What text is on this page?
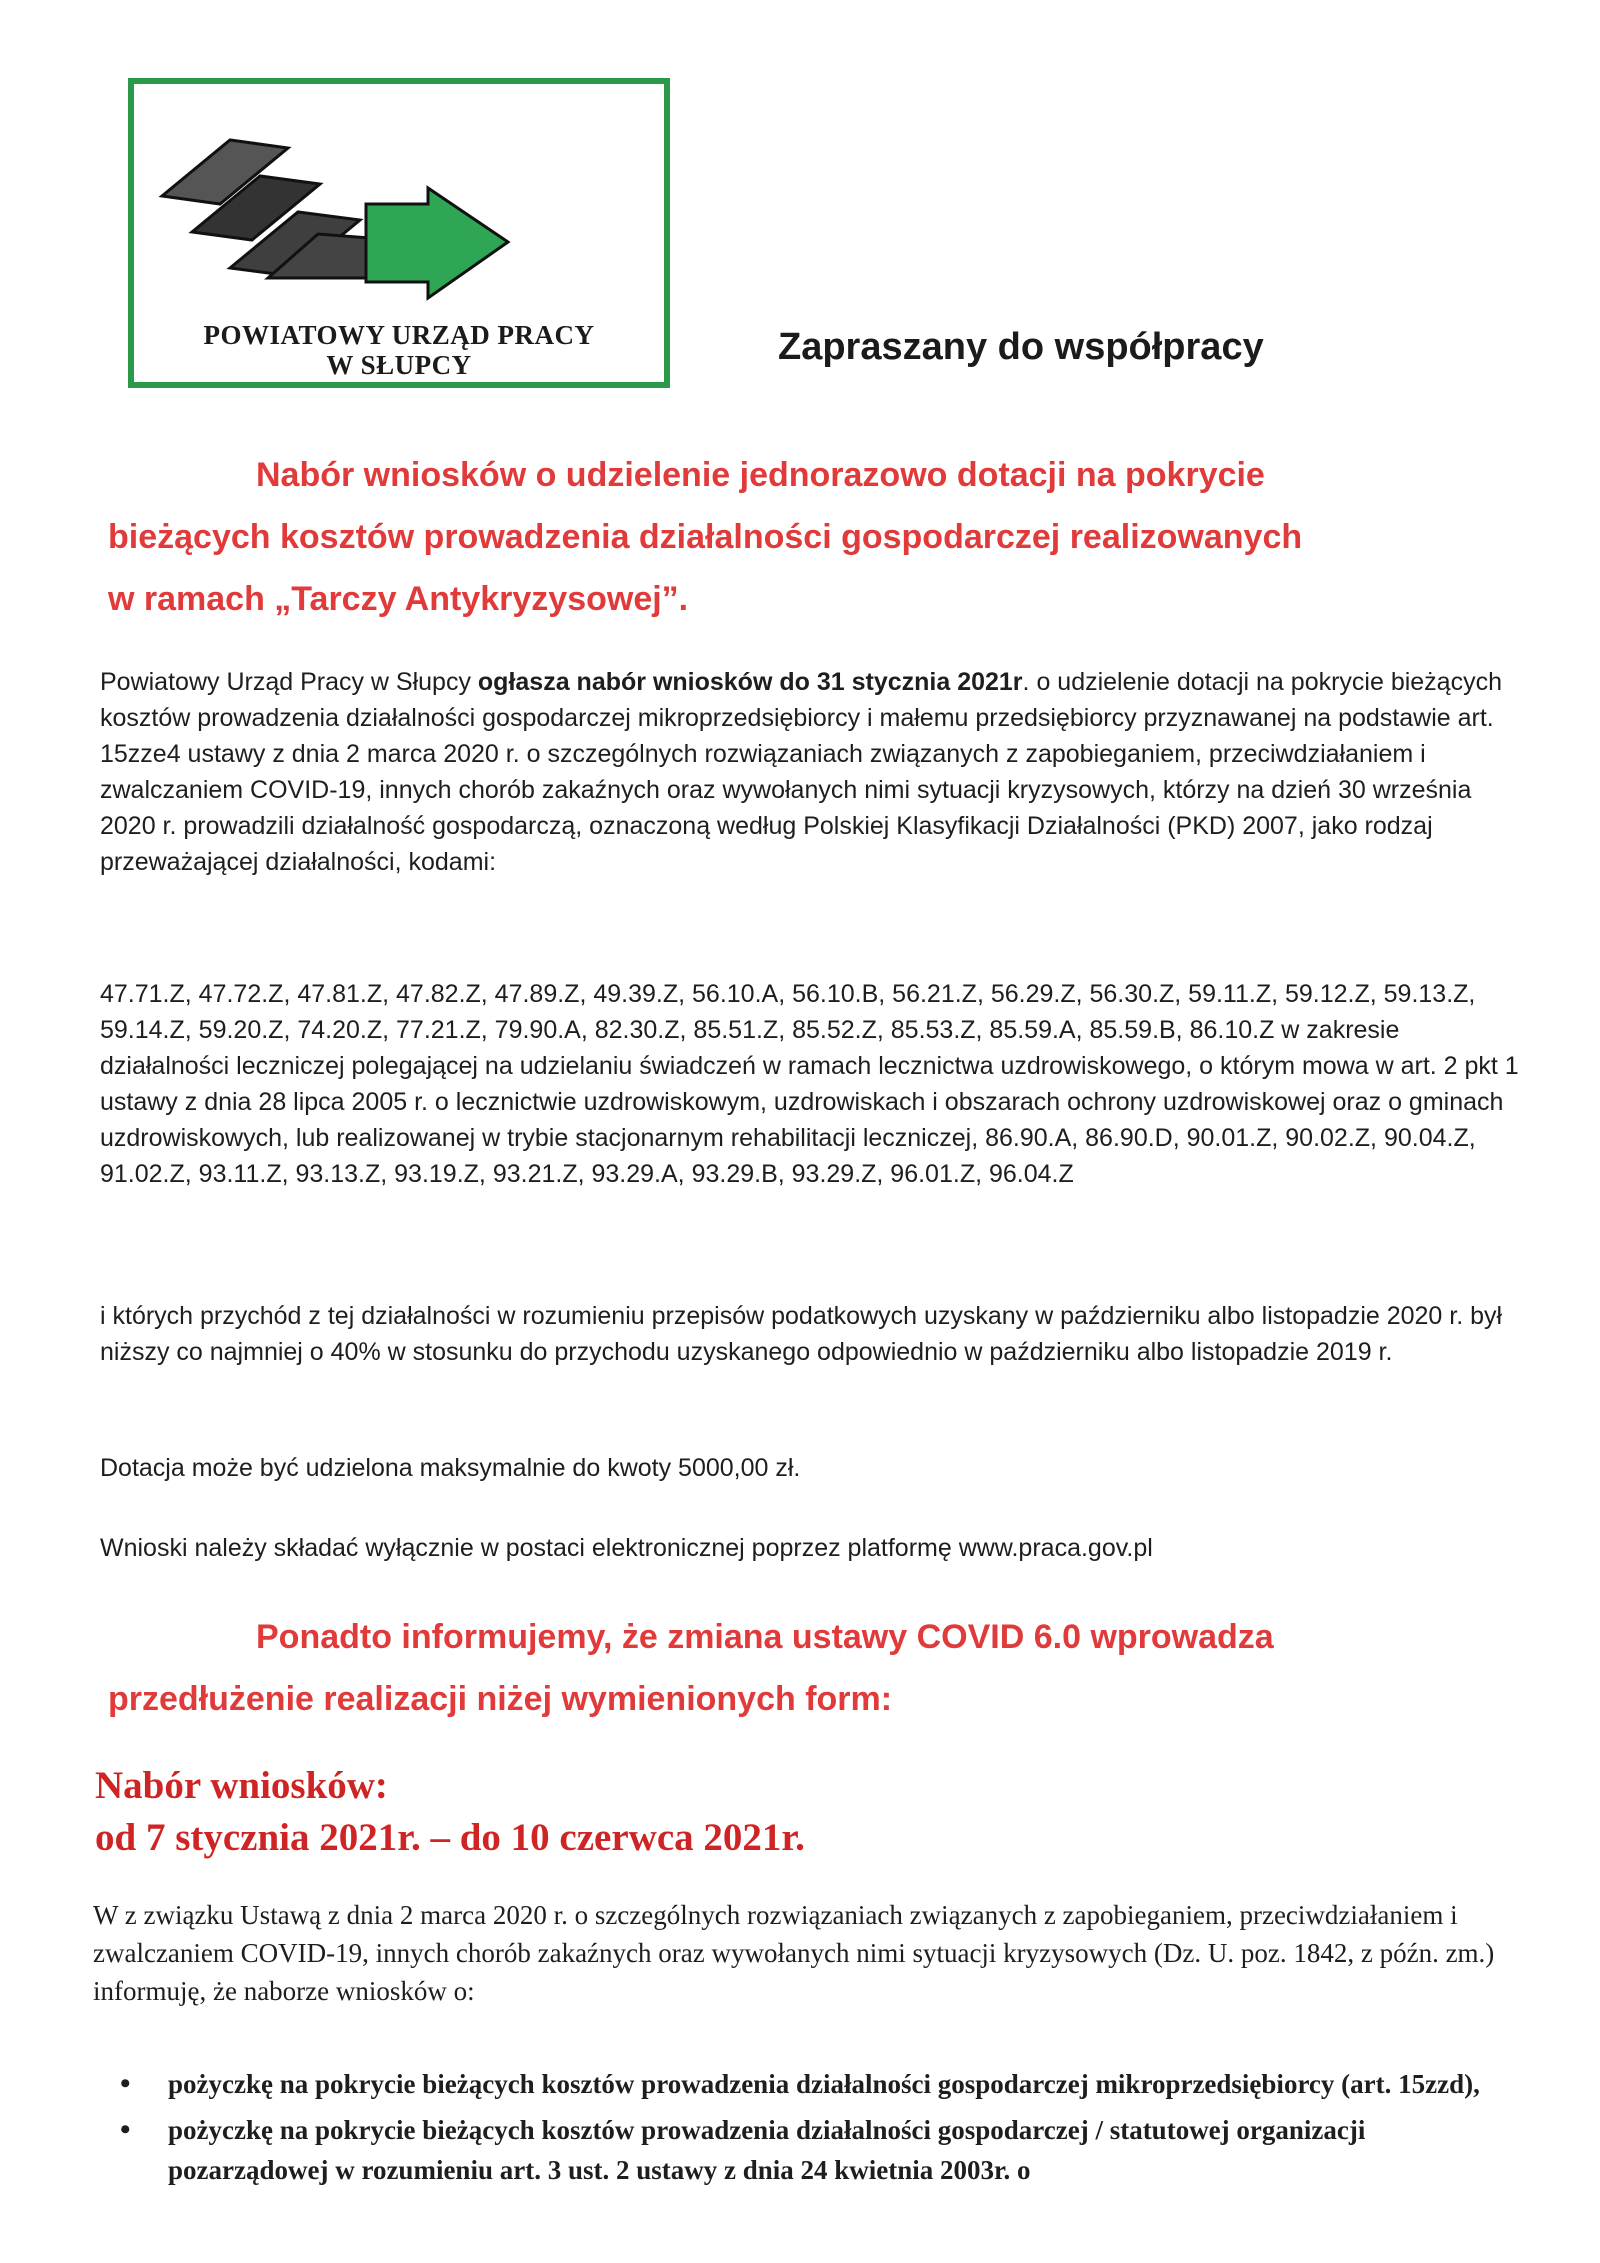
POWIATOWY URZĄD PRACY
W SŁUPCY	Zapraszany do współpracy
Nabór wniosków o udzielenie jednorazowo dotacji na pokrycie
bieżących kosztów prowadzenia działalności gospodarczej realizowanych
w ramach „Tarczy Antykryzysowej”.
Powiatowy Urząd Pracy w Słupcy ogłasza nabór wniosków do 31 stycznia 2021r. o udzielenie dotacji na pokrycie bieżących kosztów prowadzenia działalności gospodarczej mikroprzedsiębiorcy i małemu przedsiębiorcy przyznawanej na podstawie art. 15zze4 ustawy z dnia 2 marca 2020 r. o szczególnych rozwiązaniach związanych z zapobieganiem, przeciwdziałaniem i zwalczaniem COVID-19, innych chorób zakaźnych oraz wywołanych nimi sytuacji kryzysowych, którzy na dzień 30 września 2020 r. prowadzili działalność gospodarczą, oznaczoną według Polskiej Klasyfikacji Działalności (PKD) 2007, jako rodzaj przeważającej działalności, kodami:
47.71.Z, 47.72.Z, 47.81.Z, 47.82.Z, 47.89.Z, 49.39.Z, 56.10.A, 56.10.B, 56.21.Z, 56.29.Z, 56.30.Z, 59.11.Z, 59.12.Z, 59.13.Z, 59.14.Z, 59.20.Z, 74.20.Z, 77.21.Z, 79.90.A, 82.30.Z, 85.51.Z, 85.52.Z, 85.53.Z, 85.59.A, 85.59.B, 86.10.Z w zakresie działalności leczniczej polegającej na udzielaniu świadczeń w ramach lecznictwa uzdrowiskowego, o którym mowa w art. 2 pkt 1 ustawy z dnia 28 lipca 2005 r. o lecznictwie uzdrowiskowym, uzdrowiskach i obszarach ochrony uzdrowiskowej oraz o gminach uzdrowiskowych, lub realizowanej w trybie stacjonarnym rehabilitacji leczniczej, 86.90.A, 86.90.D, 90.01.Z, 90.02.Z, 90.04.Z, 91.02.Z, 93.11.Z, 93.13.Z, 93.19.Z, 93.21.Z, 93.29.A, 93.29.B, 93.29.Z, 96.01.Z, 96.04.Z
i których przychód z tej działalności w rozumieniu przepisów podatkowych uzyskany w październiku albo listopadzie 2020 r. był niższy co najmniej o 40% w stosunku do przychodu uzyskanego odpowiednio w październiku albo listopadzie 2019 r.
Dotacja może być udzielona maksymalnie do kwoty 5000,00 zł.
Wnioski należy składać wyłącznie w postaci elektronicznej poprzez platformę www.praca.gov.pl
Ponadto informujemy, że zmiana ustawy COVID 6.0 wprowadza
przedłużenie realizacji niżej wymienionych form:
Nabór wniosków:
od 7 stycznia 2021r. – do 10 czerwca 2021r.
W z związku Ustawą z dnia 2 marca 2020 r. o szczególnych rozwiązaniach związanych z zapobieganiem, przeciwdziałaniem i zwalczaniem COVID-19, innych chorób zakaźnych oraz wywołanych nimi sytuacji kryzysowych (Dz. U. poz. 1842, z późn. zm.) informuję, że naborze wniosków o:
• pożyczkę na pokrycie bieżących kosztów prowadzenia działalności gospodarczej mikroprzedsiębiorcy (art. 15zzd),
• pożyczkę na pokrycie bieżących kosztów prowadzenia działalności gospodarczej / statutowej organizacji pozarządowej w rozumieniu art. 3 ust. 2 ustawy z dnia 24 kwietnia 2003r. o
